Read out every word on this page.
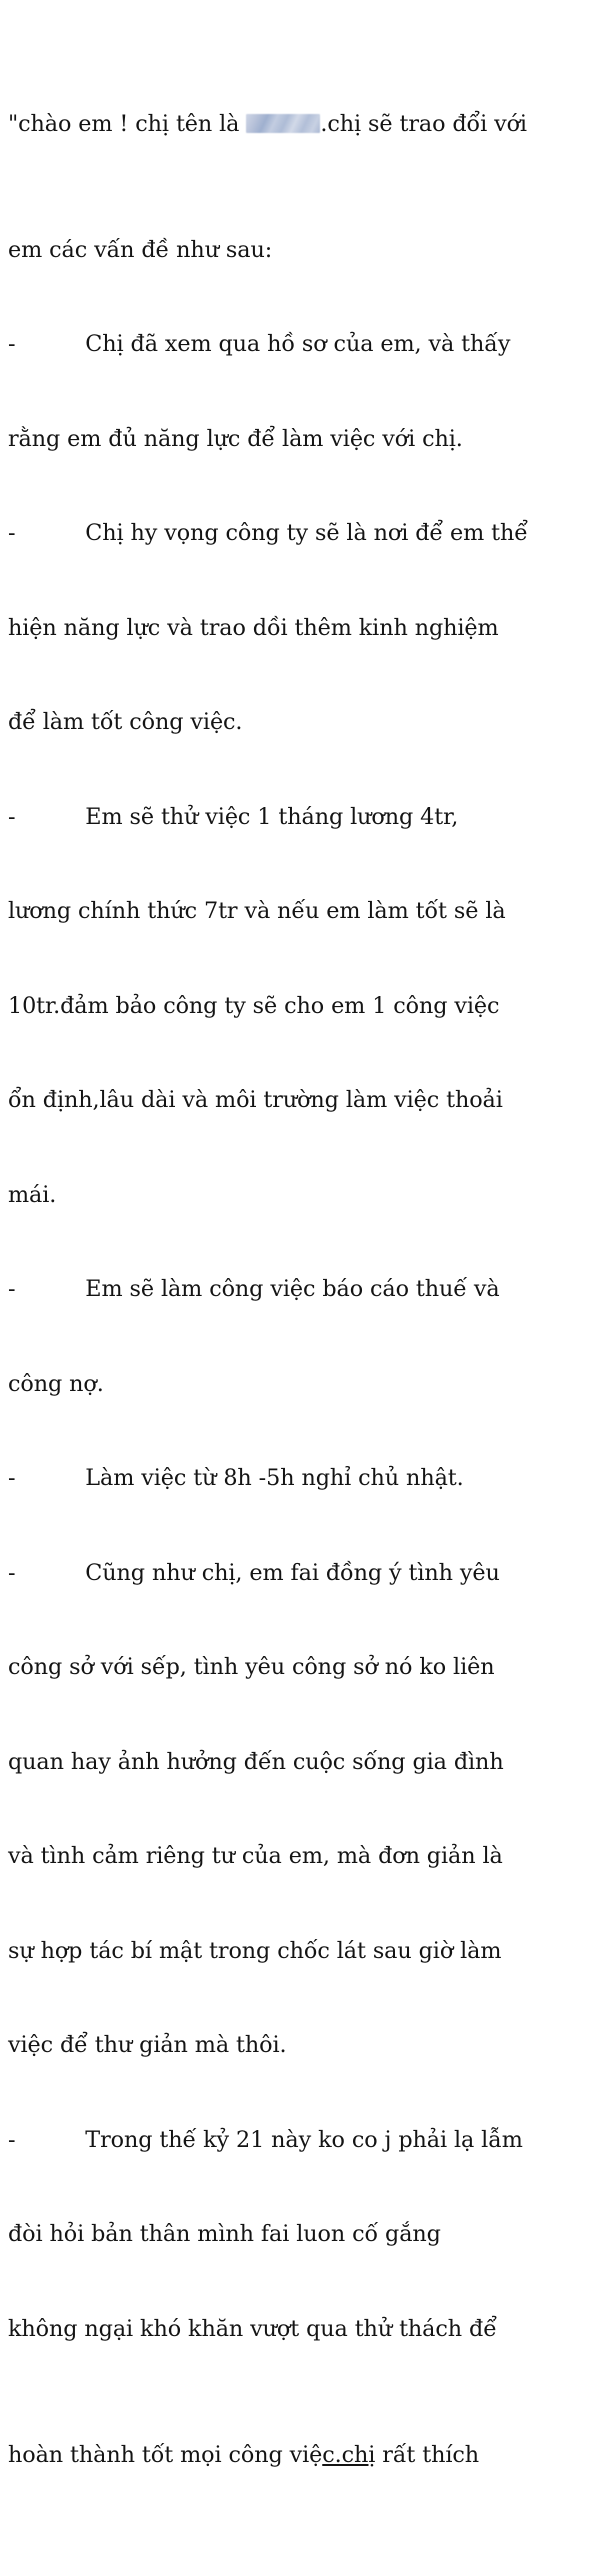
"chào em ! chị tên là	.chị sẽ trao đổi với

em các vấn đề như sau:

-          Chị đã xem qua hồ sơ của em, và thấy

rằng em đủ năng lực để làm việc với chị.

-          Chị hy vọng công ty sẽ là nơi để em thể

hiện năng lực và trao dồi thêm kinh nghiệm

để làm tốt công việc.

-          Em sẽ thử việc 1 tháng lương 4tr,

lương chính thức 7tr và nếu em làm tốt sẽ là

10tr.đảm bảo công ty sẽ cho em 1 công việc

ổn định,lâu dài và môi trường làm việc thoải

mái.

-          Em sẽ làm công việc báo cáo thuế và

công nợ.

-          Làm việc từ 8h -5h nghỉ chủ nhật.

-          Cũng như chị, em fai đồng ý tình yêu

công sở với sếp, tình yêu công sở nó ko liên

quan hay ảnh hưởng đến cuộc sống gia đình

và tình cảm riêng tư của em, mà đơn giản là

sự hợp tác bí mật trong chốc lát sau giờ làm

việc để thư giản mà thôi.

-          Trong thế kỷ 21 này ko co j phải lạ lẫm

đòi hỏi bản thân mình fai luon cố gắng

không ngại khó khăn vượt qua thử thách để

hoàn thành tốt mọi công việc.chị rất thích
